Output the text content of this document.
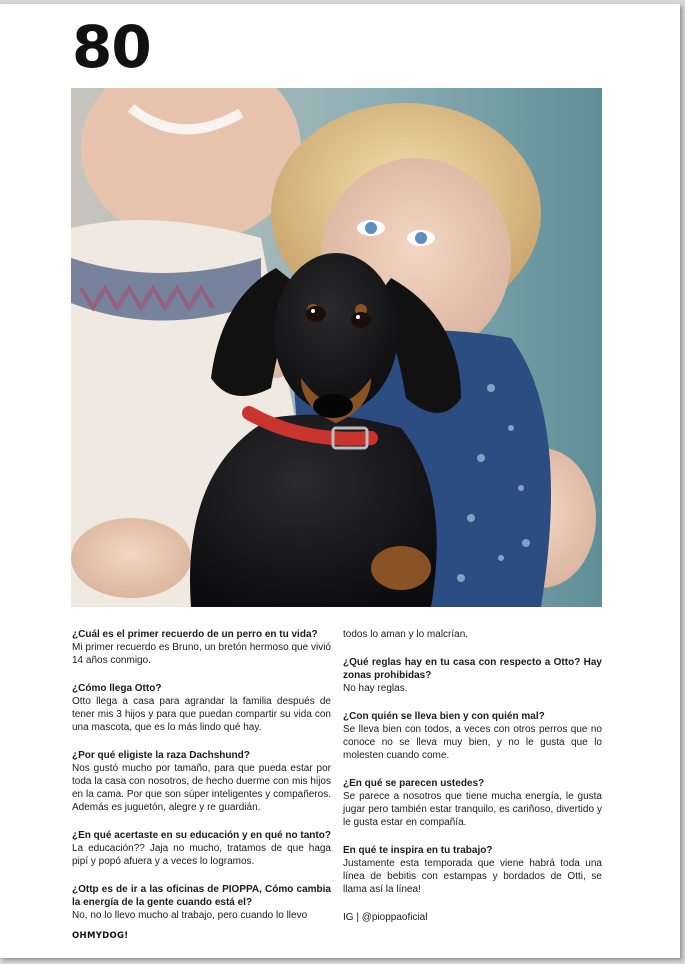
80
¿Cuál es el primer recuerdo de un perro en tu vida?
Mi primer recuerdo es Bruno, un bretón hermoso que vivió 14 años conmigo.
¿Cómo llega Otto?
Otto llega a casa para agrandar la familia después de tener mis 3 hijos y para que puedan compartir su vida con una mascota, que es lo más lindo qué hay.
¿Por qué eligiste la raza Dachshund?
Nos gustó mucho por tamaño, para que pueda estar por toda la casa con nosotros, de hecho duerme con mis hijos en la cama. Por que son súper inteligentes y compañeros. Además es juguetón, alegre y re guardián.
¿En qué acertaste en su educación y en qué no tanto?
La educación?? Jaja no mucho, tratamos de que haga pipí y popó afuera y a veces lo logramos.
¿Ottp es de ir a las oficinas de PIOPPA, Cómo cambia la energía de la gente cuando está el?
No, no lo llevo mucho al trabajo, pero cuando lo llevo
todos lo aman y lo malcrían.
¿Qué reglas hay en tu casa con respecto a Otto? Hay zonas prohibidas?
No hay reglas.
¿Con quién se lleva bien y con quién mal?
Se lleva bien con todos, a veces con otros perros que no conoce no se lleva muy bien, y no le gusta que lo molesten cuando come.
¿En qué se parecen ustedes?
Se parece a nosotros que tiene mucha energía, le gusta jugar pero también estar tranquilo, es cariñoso, divertido y le gusta estar en compañía.
En qué te inspira en tu trabajo?
Justamente esta temporada que viene habrá toda una línea de bebitis con estampas y bordados de Otti, se llama así la línea!
IG | @pioppaoficial
OHMYDOG!
